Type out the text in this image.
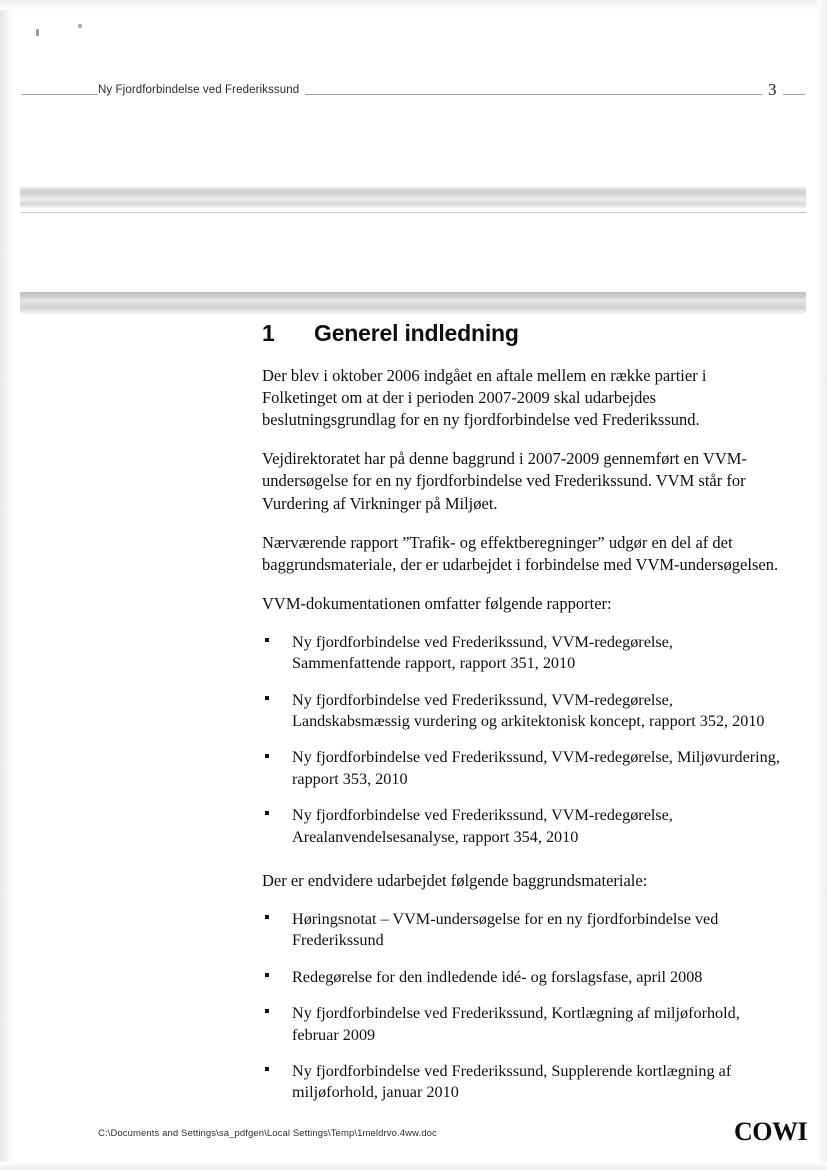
Ny Fjordforbindelse ved Frederikssund	3
1	Generel indledning

Der blev i oktober 2006 indgået en aftale mellem en række partier i Folketinget om at der i perioden 2007-2009 skal udarbejdes beslutningsgrundlag for en ny fjordforbindelse ved Frederikssund.

Vejdirektoratet har på denne baggrund i 2007-2009 gennemført en VVM-undersøgelse for en ny fjordforbindelse ved Frederikssund. VVM står for Vurdering af Virkninger på Miljøet.

Nærværende rapport ”Trafik- og effektberegninger” udgør en del af det baggrundsmateriale, der er udarbejdet i forbindelse med VVM-undersøgelsen.

VVM-dokumentationen omfatter følgende rapporter:

Ny fjordforbindelse ved Frederikssund, VVM-redegørelse, Sammenfattende rapport, rapport 351, 2010
Ny fjordforbindelse ved Frederikssund, VVM-redegørelse, Landskabsmæssig vurdering og arkitektonisk koncept, rapport 352, 2010
Ny fjordforbindelse ved Frederikssund, VVM-redegørelse, Miljøvurdering, rapport 353, 2010
Ny fjordforbindelse ved Frederikssund, VVM-redegørelse, Arealanvendelsesanalyse, rapport 354, 2010

Der er endvidere udarbejdet følgende baggrundsmateriale:

Høringsnotat – VVM-undersøgelse for en ny fjordforbindelse ved Frederikssund
Redegørelse for den indledende idé- og forslagsfase, april 2008
Ny fjordforbindelse ved Frederikssund, Kortlægning af miljøforhold, februar 2009
Ny fjordforbindelse ved Frederikssund, Supplerende kortlægning af miljøforhold, januar 2010
C:\Documents and Settings\sa_pdfgen\Local Settings\Temp\1meldrvo.4ww.doc	COWI
